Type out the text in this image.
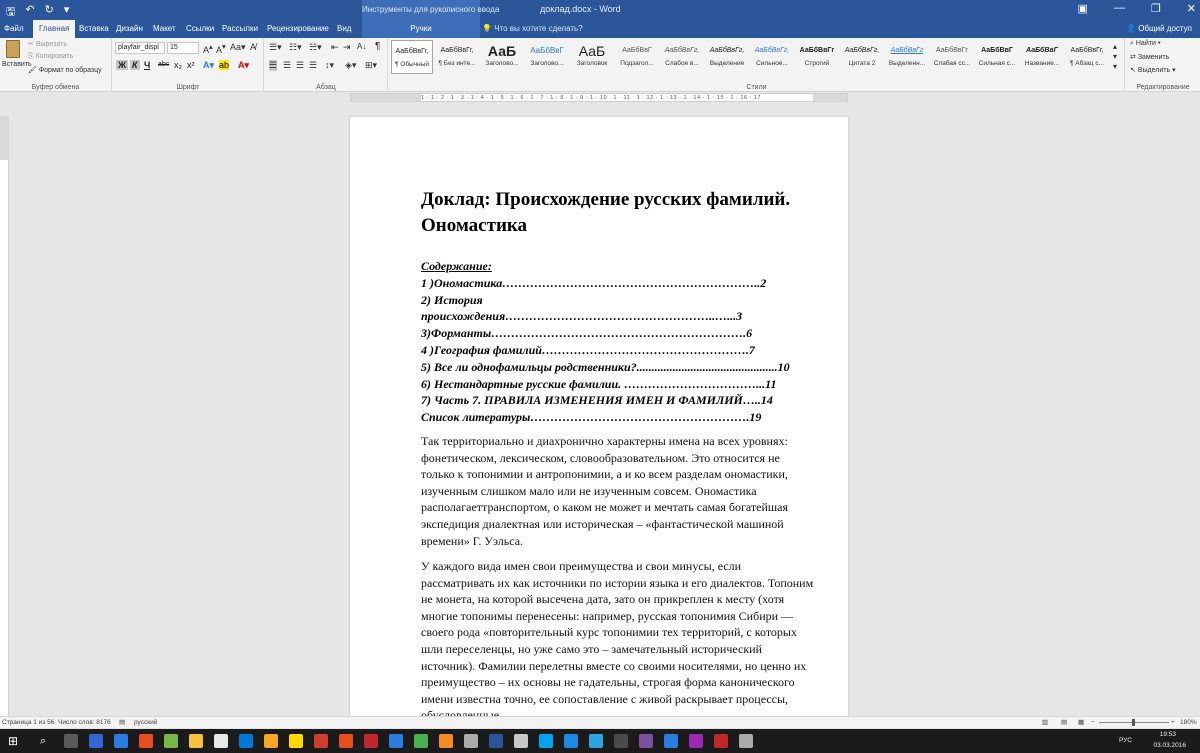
🖫 ↶ ↻ ▾	Инструменты для рукописного ввода	доклад.docx - Word	▣ — ❐ ✕
Файл	Главная	Вставка Дизайн Макет Ссылки Рассылки Рецензирование Вид	Ручки	💡 Что вы хотите сделать?	👤 Общий доступ
Вставить
✂ Вырезать
⎘ Копировать
🖌 Формат по образцу
Буфер обмена
playfair_displ	15	A▴ A▾ Aa▾ A̸
Ж К Ч abc x₂ x² A▾ ab A▾
Шрифт
☰▾ ☷▾ ☵▾ ⇤ ⇥ A↓ ¶
☰ ☰ ☰ ☰ ↕▾ ◈▾ ⊞▾
Абзац
АаБбВвГг,
¶ Обычный
АаБбВвГг,
¶ Без инте...
АаБ
Заголово...
АаБбВвГ
Заголово...
АаБ
Заголовок
АаБбВвГ
Подзагол...
АаБбВвГг,
Слабое в...
АаБбВвГг,
Выделение
АаБбВвГг,
Сильное...
АаБбВвГг
Строгий
АаБбВвГг,
Цитата 2
АаБбВвГг
Выделенн...
АаБбВвГг
Слабая сс...
АаБбВвГ
Сильная с...
АаБбВвГ
Название...
АаБбВвГг,
¶ Абзац с...
▴
▾
▾
Стили
⌕ Найти ▾
⇄ Заменить
↖ Выделить ▾
Редактирование
1 · 1 · 2 · 1 · 3 · 1 · 4 · 1 · 5 · 1 · 6 · 1 · 7 · 1 · 8 · 1 · 9 · 1 · 10 · 1 · 11 · 1 · 12 · 1 · 13 · 1 · 14 · 1 · 15 · 1 · 16 · 17
Доклад: Происхождение русских фамилий. Ономастика
Содержание:
1 )Ономастика………………………………………………………..2
2) История
происхождения……………………………………………..…...3
3)Форманты……………………………………………………….6
4 )География фамилий…………………………………………….7
5) Все ли однофамильцы родственники?...............................................10
6) Нестандартные русские фамилии. ……………………………...11
7) Часть 7. ПРАВИЛА ИЗМЕНЕНИЯ ИМЕН И ФАМИЛИЙ…..14
Список литературы……………………………………………….19
Так территориально и диахронично характерны имена на всех уровнях: фонетическом, лексическом, словообразовательном. Это относится не только к топонимии и антропонимии, а и ко всем разделам ономастики, изученным слишком мало или не изученным совсем. Ономастика располагаеттранспортом, о каком не может и мечтать самая богатейшая экспедиция диалектная или историческая – «фантастической машиной времени» Г. Уэльса.
У каждого вида имен свои преимущества и свои минусы, если рассматривать их как источники по истории языка и его диалектов. Топоним не монета, на которой высечена дата, зато он прикреплен к месту (хотя многие топонимы перенесены: например, русская топонимия Сибири — своего рода «повторительный курс топонимии тех территорий, с которых шли переселенцы, но уже само это – замечательный исторический источник). Фамилии перелетны вместе со своими носителями, но ценно их преимущество – их основы не гадательны, строгая форма канонического имени известна точно, ее сопоставление с живой раскрывает процессы,
Страница 1 из 56 Число слов: 8176 ▤ русский	▥ ▤ ▦ −	+ 180%
⊞	⌕	РУС
19:53
03.03.2016
